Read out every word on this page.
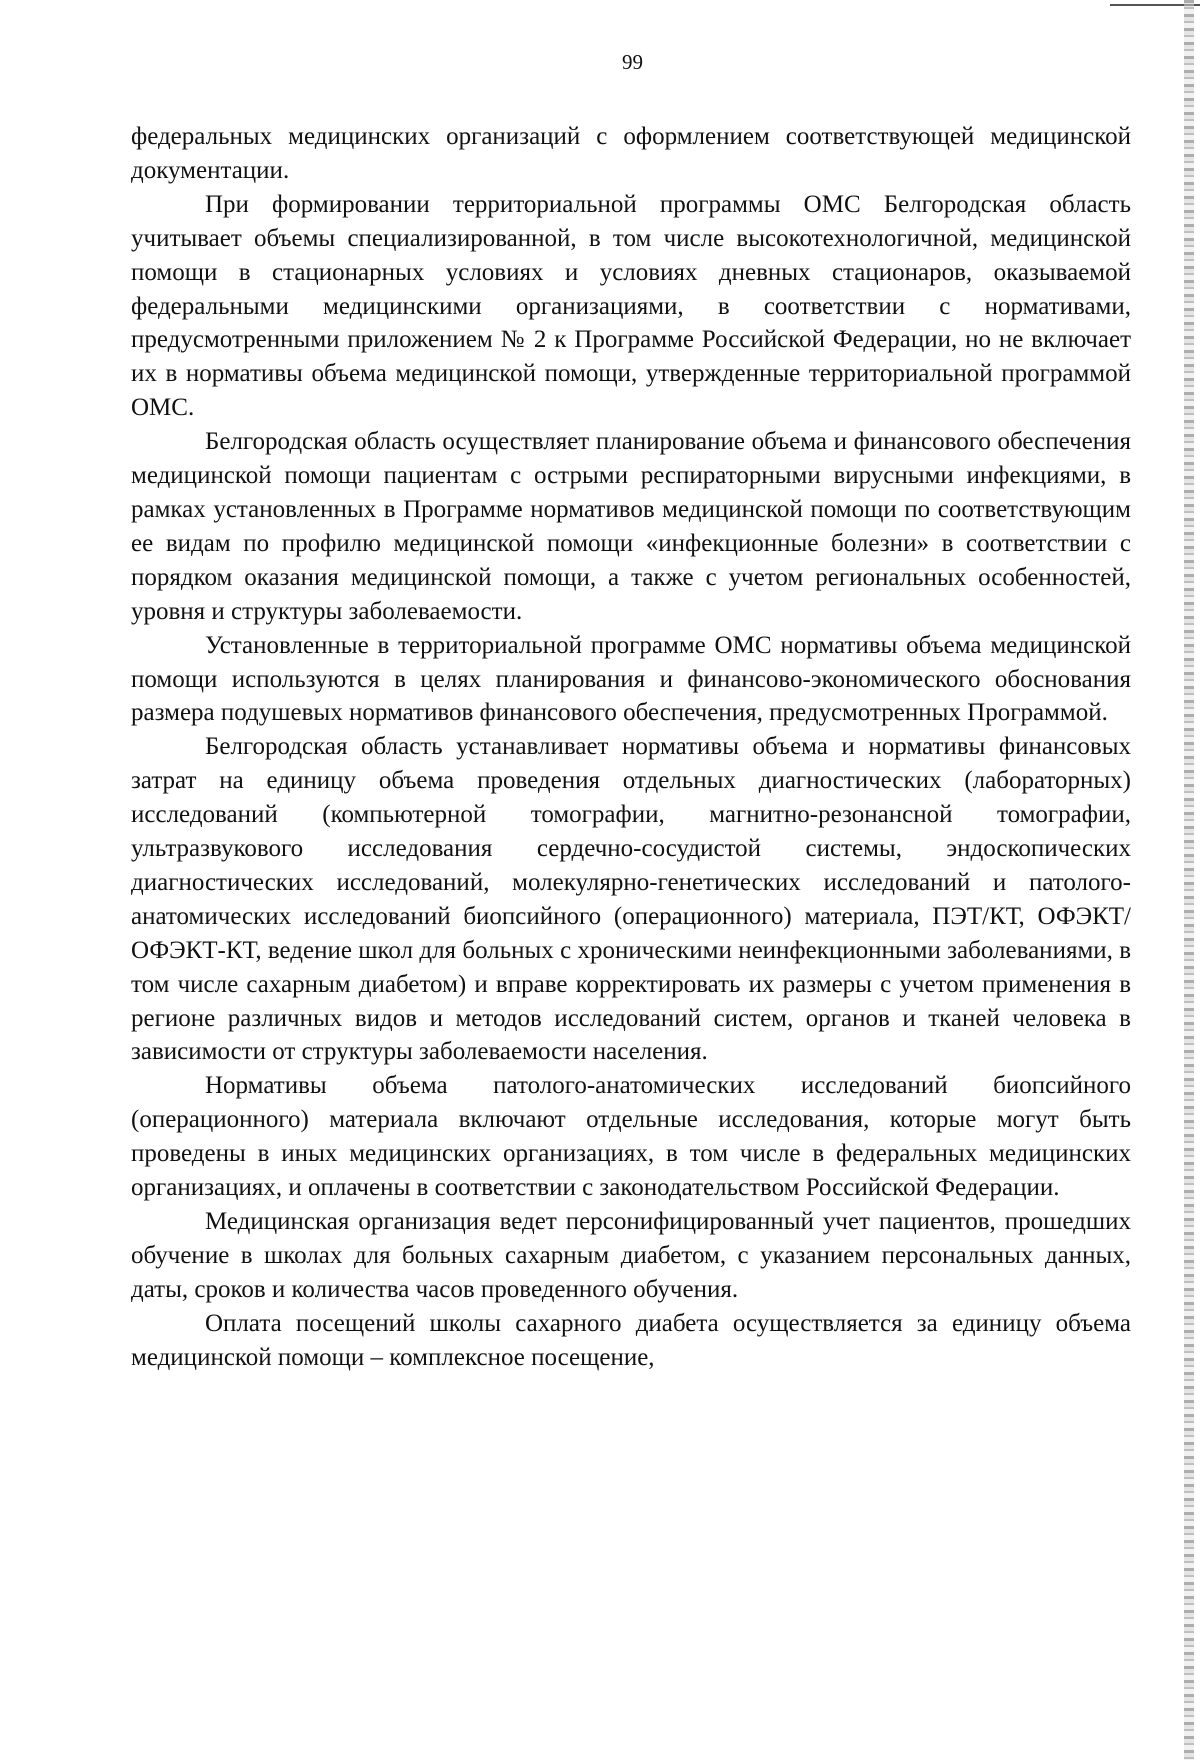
99

федеральных медицинских организаций с оформлением соответствующей медицинской документации.

При формировании территориальной программы ОМС Белгородская область учитывает объемы специализированной, в том числе высокотехнологичной, медицинской помощи в стационарных условиях и условиях дневных стационаров, оказываемой федеральными медицинскими организациями, в соответствии с нормативами, предусмотренными приложением № 2 к Программе Российской Федерации, но не включает их в нормативы объема медицинской помощи, утвержденные территориальной программой ОМС.

Белгородская область осуществляет планирование объема и финансового обеспечения медицинской помощи пациентам с острыми респираторными вирусными инфекциями, в рамках установленных в Программе нормативов медицинской помощи по соответствующим ее видам по профилю медицинской помощи «инфекционные болезни» в соответствии с порядком оказания медицинской помощи, а также с учетом региональных особенностей, уровня и структуры заболеваемости.

Установленные в территориальной программе ОМС нормативы объема медицинской помощи используются в целях планирования и финансово-экономического обоснования размера подушевых нормативов финансового обеспечения, предусмотренных Программой.

Белгородская область устанавливает нормативы объема и нормативы финансовых затрат на единицу объема проведения отдельных диагностических (лабораторных) исследований (компьютерной томографии, магнитно-резонансной томографии, ультразвукового исследования сердечно-сосудистой системы, эндоскопических диагностических исследований, молекулярно-генетических исследований и патолого-анатомических исследований биопсийного (операционного) материала, ПЭТ/КТ, ОФЭКТ/ОФЭКТ-КТ, ведение школ для больных с хроническими неинфекционными заболеваниями, в том числе сахарным диабетом) и вправе корректировать их размеры с учетом применения в регионе различных видов и методов исследований систем, органов и тканей человека в зависимости от структуры заболеваемости населения.

Нормативы объема патолого-анатомических исследований биопсийного (операционного) материала включают отдельные исследования, которые могут быть проведены в иных медицинских организациях, в том числе в федеральных медицинских организациях, и оплачены в соответствии с законодательством Российской Федерации.

Медицинская организация ведет персонифицированный учет пациентов, прошедших обучение в школах для больных сахарным диабетом, с указанием персональных данных, даты, сроков и количества часов проведенного обучения.

Оплата посещений школы сахарного диабета осуществляется за единицу объема медицинской помощи – комплексное посещение,
